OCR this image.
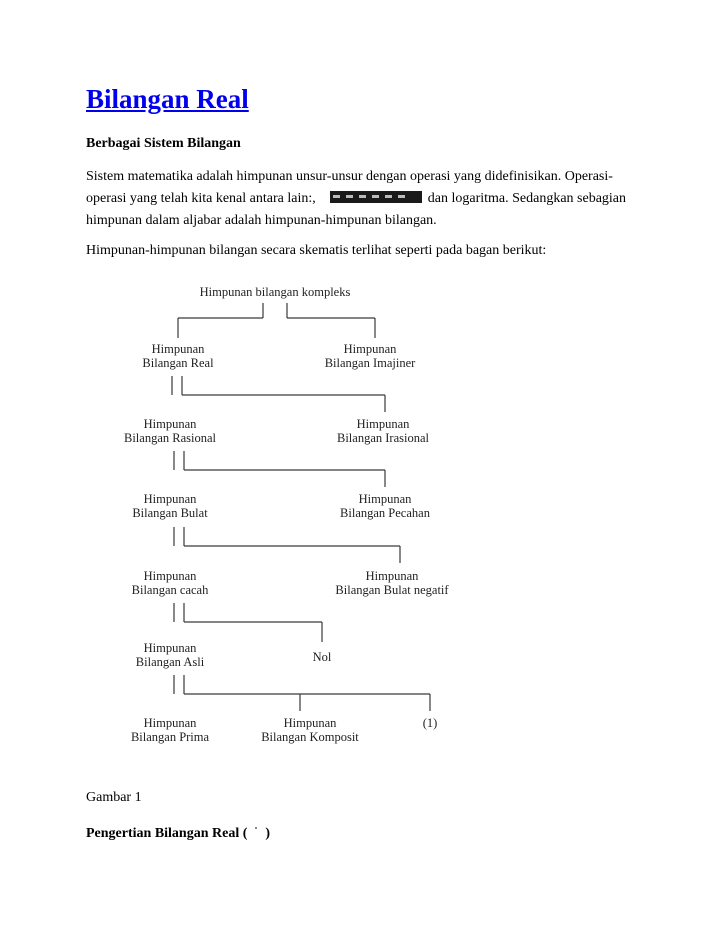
Bilangan Real
Berbagai Sistem Bilangan

Sistem matematika adalah himpunan unsur-unsur dengan operasi yang didefinisikan. Operasi-operasi yang telah kita kenal antara lain:,	dan logaritma. Sedangkan sebagian himpunan dalam aljabar adalah himpunan-himpunan bilangan.

Himpunan-himpunan bilangan secara skematis terlihat seperti pada bagan berikut:

Himpunan bilangan kompleks
Himpunan
Bilangan Real
Himpunan
Bilangan Imajiner
Himpunan
Bilangan Rasional
Himpunan
Bilangan Irasional
Himpunan
Bilangan Bulat
Himpunan
Bilangan Pecahan
Himpunan
Bilangan cacah
Himpunan
Bilangan Bulat negatif
Himpunan
Bilangan Asli	Nol
Himpunan
Bilangan Prima
Himpunan
Bilangan Komposit
(1)
Gambar 1
Pengertian Bilangan Real ( )
